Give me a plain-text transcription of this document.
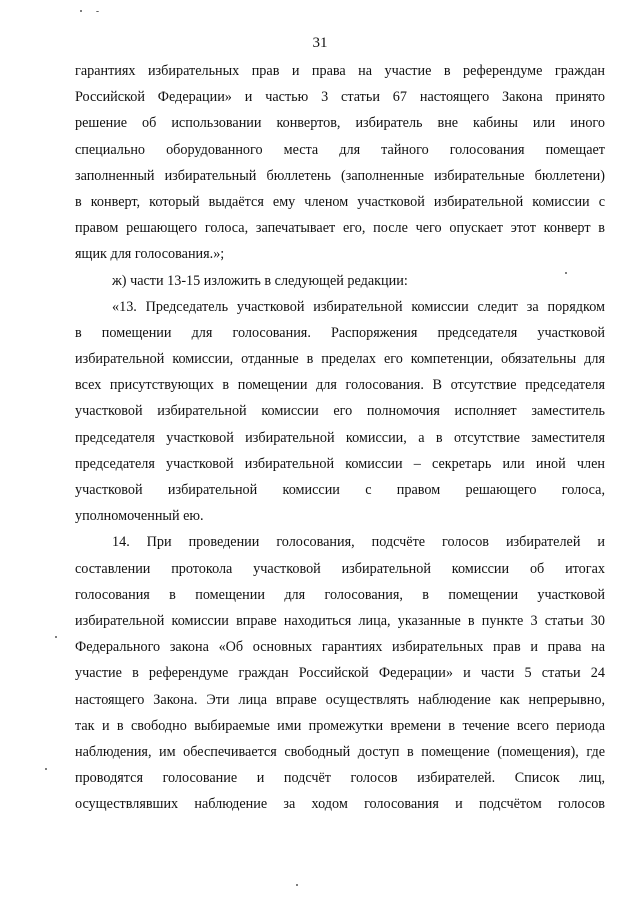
31
гарантиях избирательных прав и права на участие в референдуме граждан
Российской Федерации» и частью 3 статьи 67 настоящего Закона принято
решение об использовании конвертов, избиратель вне кабины или иного
специально оборудованного места для тайного голосования помещает
заполненный избирательный бюллетень (заполненные избирательные бюллетени)
в конверт, который выдаётся ему членом участковой избирательной комиссии с
правом решающего голоса, запечатывает его, после чего опускает этот конверт в
ящик для голосования.»;
ж) части 13-15 изложить в следующей редакции:
«13. Председатель участковой избирательной комиссии следит за порядком
в помещении для голосования. Распоряжения председателя участковой
избирательной комиссии, отданные в пределах его компетенции, обязательны для
всех присутствующих в помещении для голосования. В отсутствие председателя
участковой избирательной комиссии его полномочия исполняет заместитель
председателя участковой избирательной комиссии, а в отсутствие заместителя
председателя участковой избирательной комиссии – секретарь или иной член
участковой избирательной комиссии с правом решающего голоса,
уполномоченный ею.
14. При проведении голосования, подсчёте голосов избирателей и
составлении протокола участковой избирательной комиссии об итогах
голосования в помещении для голосования, в помещении участковой
избирательной комиссии вправе находиться лица, указанные в пункте 3 статьи 30
Федерального закона «Об основных гарантиях избирательных прав и права на
участие в референдуме граждан Российской Федерации» и части 5 статьи 24
настоящего Закона. Эти лица вправе осуществлять наблюдение как непрерывно,
так и в свободно выбираемые ими промежутки времени в течение всего периода
наблюдения, им обеспечивается свободный доступ в помещение (помещения), где
проводятся голосование и подсчёт голосов избирателей. Список лиц,
осуществлявших наблюдение за ходом голосования и подсчётом голосов
